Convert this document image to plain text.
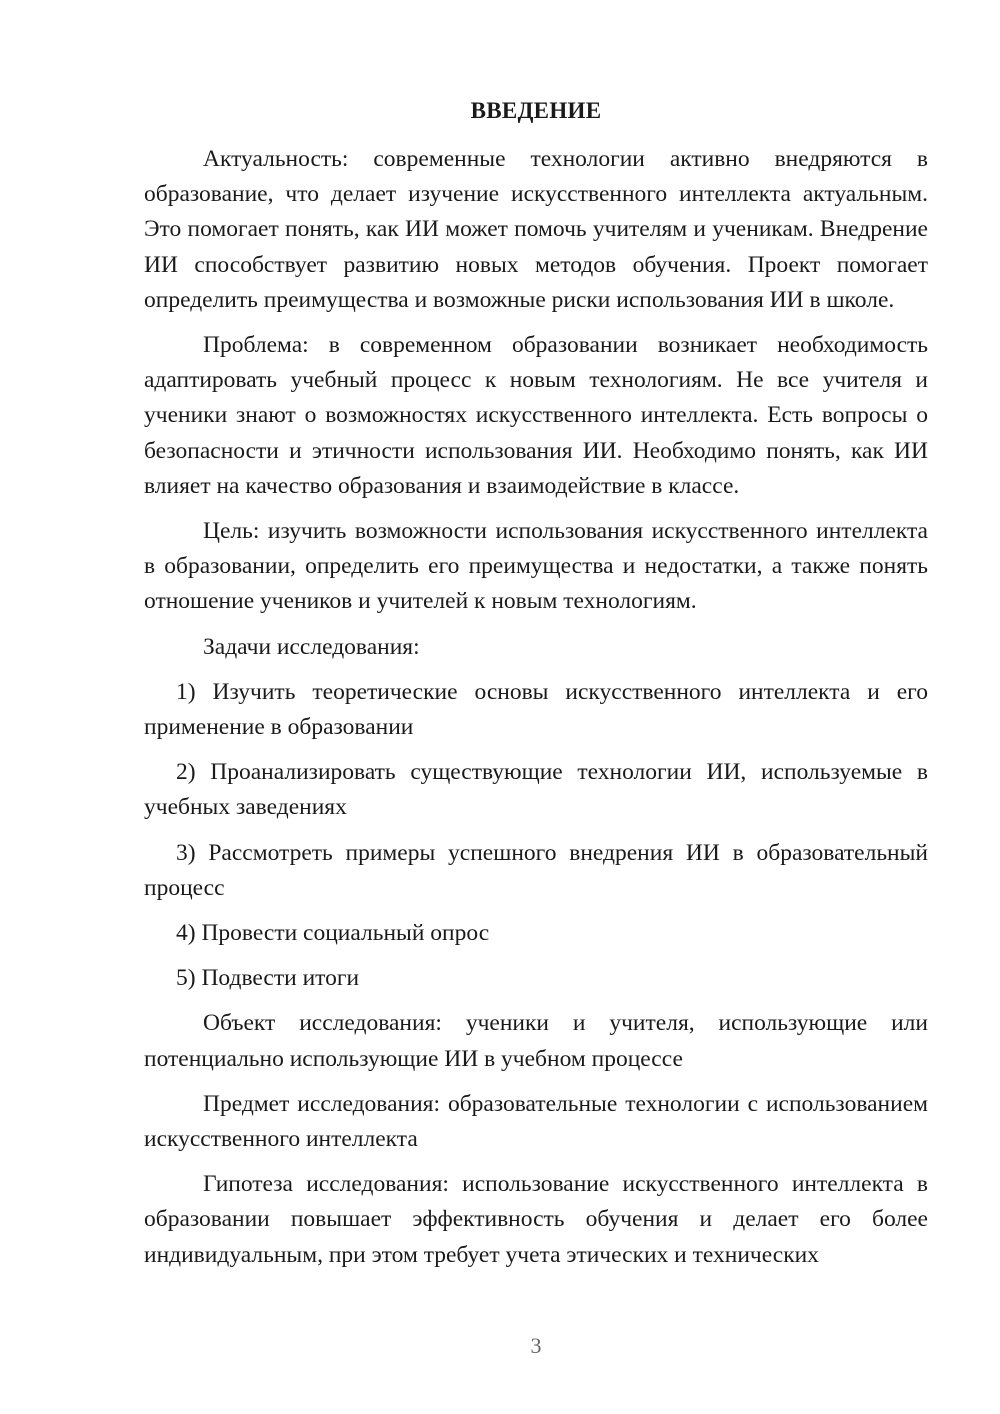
ВВЕДЕНИЕ

Актуальность: современные технологии активно внедряются в образование, что делает изучение искусственного интеллекта актуальным. Это помогает понять, как ИИ может помочь учителям и ученикам. Внедрение ИИ способствует развитию новых методов обучения. Проект помогает определить преимущества и возможные риски использования ИИ в школе.

Проблема: в современном образовании возникает необходимость адаптировать учебный процесс к новым технологиям. Не все учителя и ученики знают о возможностях искусственного интеллекта. Есть вопросы о безопасности и этичности использования ИИ. Необходимо понять, как ИИ влияет на качество образования и взаимодействие в классе.

Цель: изучить возможности использования искусственного интеллекта в образовании, определить его преимущества и недостатки, а также понять отношение учеников и учителей к новым технологиям.

Задачи исследования:

1) Изучить теоретические основы искусственного интеллекта и его применение в образовании

2) Проанализировать существующие технологии ИИ, используемые в учебных заведениях

3) Рассмотреть примеры успешного внедрения ИИ в образовательный процесс

4) Провести социальный опрос

5) Подвести итоги

Объект исследования: ученики и учителя, использующие или потенциально использующие ИИ в учебном процессе

Предмет исследования: образовательные технологии с использованием искусственного интеллекта

Гипотеза исследования: использование искусственного интеллекта в образовании повышает эффективность обучения и делает его более индивидуальным, при этом требует учета этических и технических

3
